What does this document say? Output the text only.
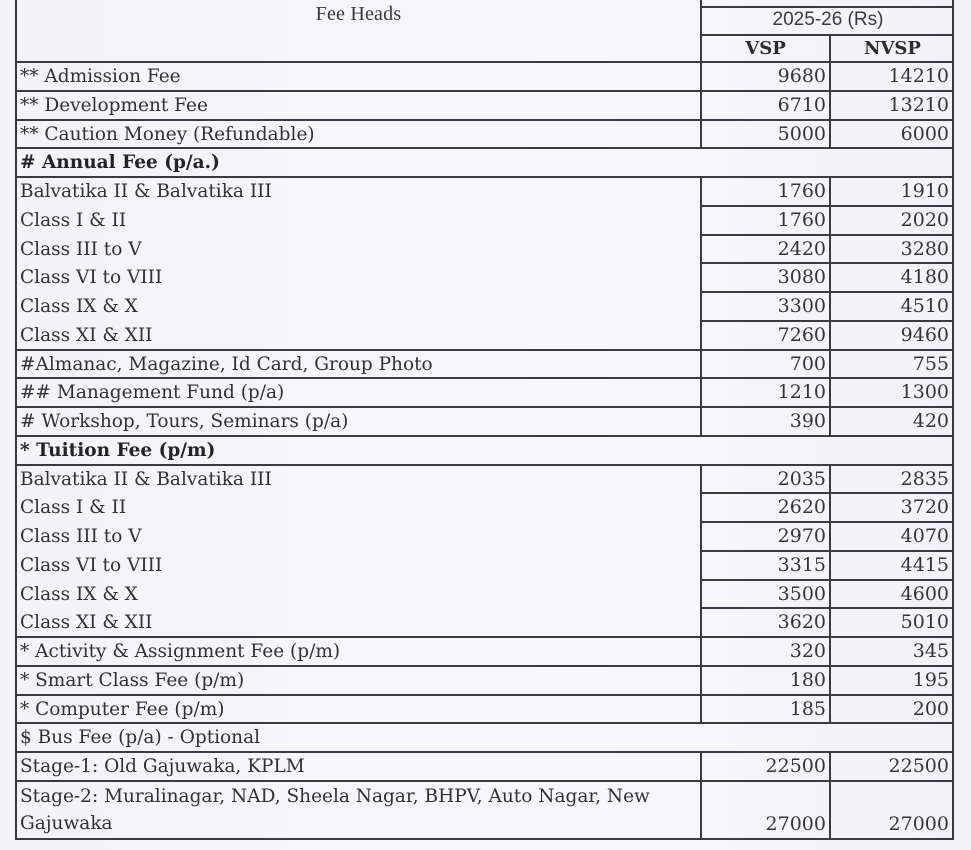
Fee Heads	2025-26 (Rs)
VSP	NVSP
** Admission Fee	9680	14210
** Development Fee	6710	13210
** Caution Money (Refundable)	5000	6000
# Annual Fee (p/a.)
Balvatika II & Balvatika III	1760	1910
Class I & II	1760	2020
Class III to V	2420	3280
Class VI to VIII	3080	4180
Class IX & X	3300	4510
Class XI & XII	7260	9460
#Almanac, Magazine, Id Card, Group Photo	700	755
## Management Fund (p/a)	1210	1300
# Workshop, Tours, Seminars (p/a)	390	420
* Tuition Fee (p/m)
Balvatika II & Balvatika III	2035	2835
Class I & II	2620	3720
Class III to V	2970	4070
Class VI to VIII	3315	4415
Class IX & X	3500	4600
Class XI & XII	3620	5010
* Activity & Assignment Fee (p/m)	320	345
* Smart Class Fee (p/m)	180	195
* Computer Fee (p/m)	185	200
$ Bus Fee (p/a) - Optional
Stage-1: Old Gajuwaka, KPLM	22500	22500
Stage-2: Muralinagar, NAD, Sheela Nagar, BHPV, Auto Nagar, New Gajuwaka	27000	27000
